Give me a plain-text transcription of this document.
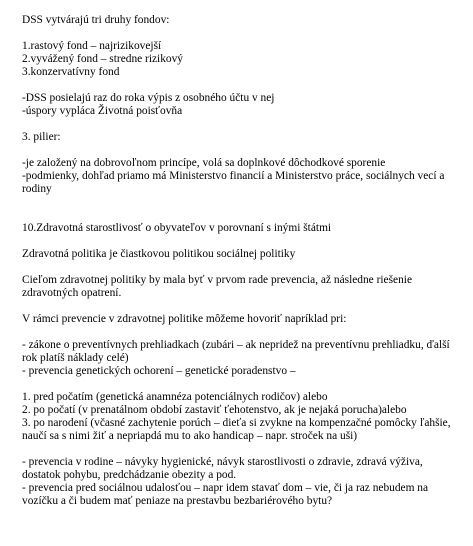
DSS vytvárajú tri druhy fondov:

1.rastový fond – najrizikovejší
2.vyvážený fond – stredne rizikový
3.konzervatívny fond

-DSS posielajú raz do roka výpis z osobného účtu v nej
-úspory vypláca Životná poisťovňa

3. pilier:

-je založený na dobrovoľnom princípe, volá sa doplnkové dôchodkové sporenie
-podmienky, dohľad priamo má Ministerstvo financií a Ministerstvo práce, sociálnych vecí a rodiny

10.Zdravotná starostlivosť o obyvateľov v porovnaní s inými štátmi

Zdravotná politika je čiastkovou politikou sociálnej politiky

Cieľom zdravotnej politiky by mala byť v prvom rade prevencia, až následne riešenie zdravotných opatrení.

V rámci prevencie v zdravotnej politike môžeme hovoriť napríklad pri:

- zákone o preventívnych prehliadkach (zubári – ak nepridež na preventívnu prehliadku, ďalší rok platíš náklady celé)
- prevencia genetických ochorení – genetické poradenstvo –

1. pred počatím (genetická anamnéza potenciálnych rodičov) alebo
2. po počatí (v prenatálnom období zastaviť ťehotenstvo, ak je nejaká porucha)alebo
3. po narodení (včasné zachytenie porúch – dieťa si zvykne na kompenzačné pomôcky ľahšie, naučí sa s nimi žiť a nepriapdá mu to ako handicap – napr. stroček na uši)

- prevencia v rodine – návyky hygienické, návyk starostlivosti o zdravie, zdravá výživa, dostatok pohybu, predchádzanie obezity a pod.
- prevencia pred sociálnou udalosťou – napr idem stavať dom – vie, či ja raz nebudem na vozíčku a či budem mať peniaze na prestavbu bezbariérového bytu?
